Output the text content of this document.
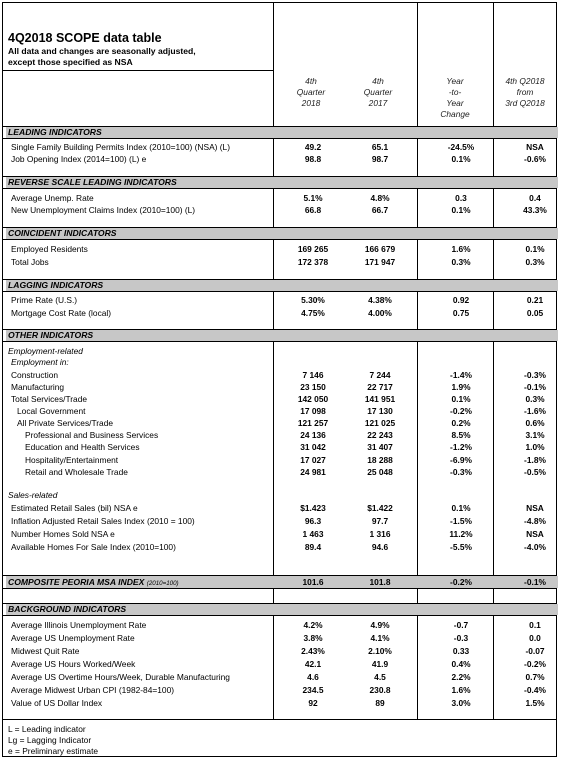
4Q2018 SCOPE data table
All data and changes are seasonally adjusted,
except those specified as NSA
4th
Quarter
2018
4th
Quarter
2017
Year
-to-
Year
Change
4th Q2018
from
3rd Q2018
LEADING INDICATORS
Single Family Building Permits Index (2010=100) (NSA) (L)	49.2	65.1	-24.5%	NSA
Job Opening Index (2014=100) (L) e	98.8	98.7	0.1%	-0.6%
REVERSE SCALE LEADING INDICATORS
Average Unemp. Rate	5.1%	4.8%	0.3	0.4
New Unemployment Claims Index (2010=100) (L)	66.8	66.7	0.1%	43.3%
COINCIDENT INDICATORS
Employed Residents	169 265	166 679	1.6%	0.1%
Total Jobs	172 378	171 947	0.3%	0.3%
LAGGING INDICATORS
Prime Rate (U.S.)	5.30%	4.38%	0.92	0.21
Mortgage Cost Rate (local)	4.75%	4.00%	0.75	0.05
OTHER INDICATORS
Employment-related
Employment in:
Construction	7 146	7 244	-1.4%	-0.3%
Manufacturing	23 150	22 717	1.9%	-0.1%
Total Services/Trade	142 050	141 951	0.1%	0.3%
Local Government	17 098	17 130	-0.2%	-1.6%
All Private Services/Trade	121 257	121 025	0.2%	0.6%
Professional and Business Services	24 136	22 243	8.5%	3.1%
Education and Health Services	31 042	31 407	-1.2%	1.0%
Hospitality/Entertainment	17 027	18 288	-6.9%	-1.8%
Retail and Wholesale Trade	24 981	25 048	-0.3%	-0.5%
Sales-related
Estimated Retail Sales (bil) NSA e	$1.423	$1.422	0.1%	NSA
Inflation Adjusted Retail Sales Index (2010 = 100)	96.3	97.7	-1.5%	-4.8%
Number Homes Sold NSA e	1 463	1 316	11.2%	NSA
Available Homes For Sale Index (2010=100)	89.4	94.6	-5.5%	-4.0%
COMPOSITE PEORIA MSA INDEX (2010=100)	101.6	101.8	-0.2%	-0.1%
BACKGROUND INDICATORS
Average Illinois Unemployment Rate	4.2%	4.9%	-0.7	0.1
Average US Unemployment Rate	3.8%	4.1%	-0.3	0.0
Midwest Quit Rate	2.43%	2.10%	0.33	-0.07
Average US Hours Worked/Week	42.1	41.9	0.4%	-0.2%
Average US Overtime Hours/Week, Durable Manufacturing	4.6	4.5	2.2%	0.7%
Average Midwest Urban CPI (1982-84=100)	234.5	230.8	1.6%	-0.4%
Value of US Dollar Index	92	89	3.0%	1.5%
L = Leading indicator
Lg = Lagging Indicator
e = Preliminary estimate
